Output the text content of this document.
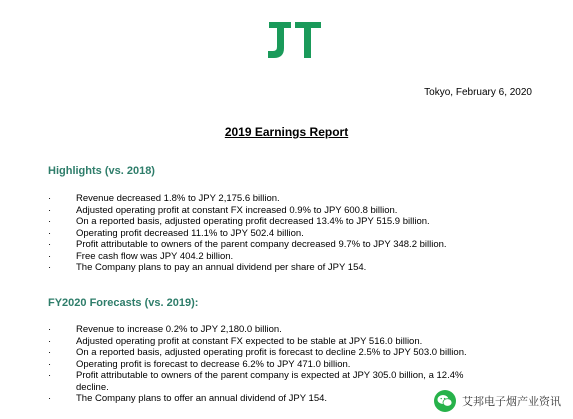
Tokyo, February 6, 2020
2019 Earnings Report
Highlights (vs. 2018)
·	Revenue decreased 1.8% to JPY 2,175.6 billion.
·	Adjusted operating profit at constant FX increased 0.9% to JPY 600.8 billion.
·	On a reported basis, adjusted operating profit decreased 13.4% to JPY 515.9 billion.
·	Operating profit decreased 11.1% to JPY 502.4 billion.
·	Profit attributable to owners of the parent company decreased 9.7% to JPY 348.2 billion.
·	Free cash flow was JPY 404.2 billion.
·	The Company plans to pay an annual dividend per share of JPY 154.
FY2020 Forecasts (vs. 2019):
·	Revenue to increase 0.2% to JPY 2,180.0 billion.
·	Adjusted operating profit at constant FX expected to be stable at JPY 516.0 billion.
·	On a reported basis, adjusted operating profit is forecast to decline 2.5% to JPY 503.0 billion.
·	Operating profit is forecast to decrease 6.2% to JPY 471.0 billion.
·	Profit attributable to owners of the parent company is expected at JPY 305.0 billion, a 12.4%
decline.
·	The Company plans to offer an annual dividend of JPY 154.	艾邦电子烟产业资讯
